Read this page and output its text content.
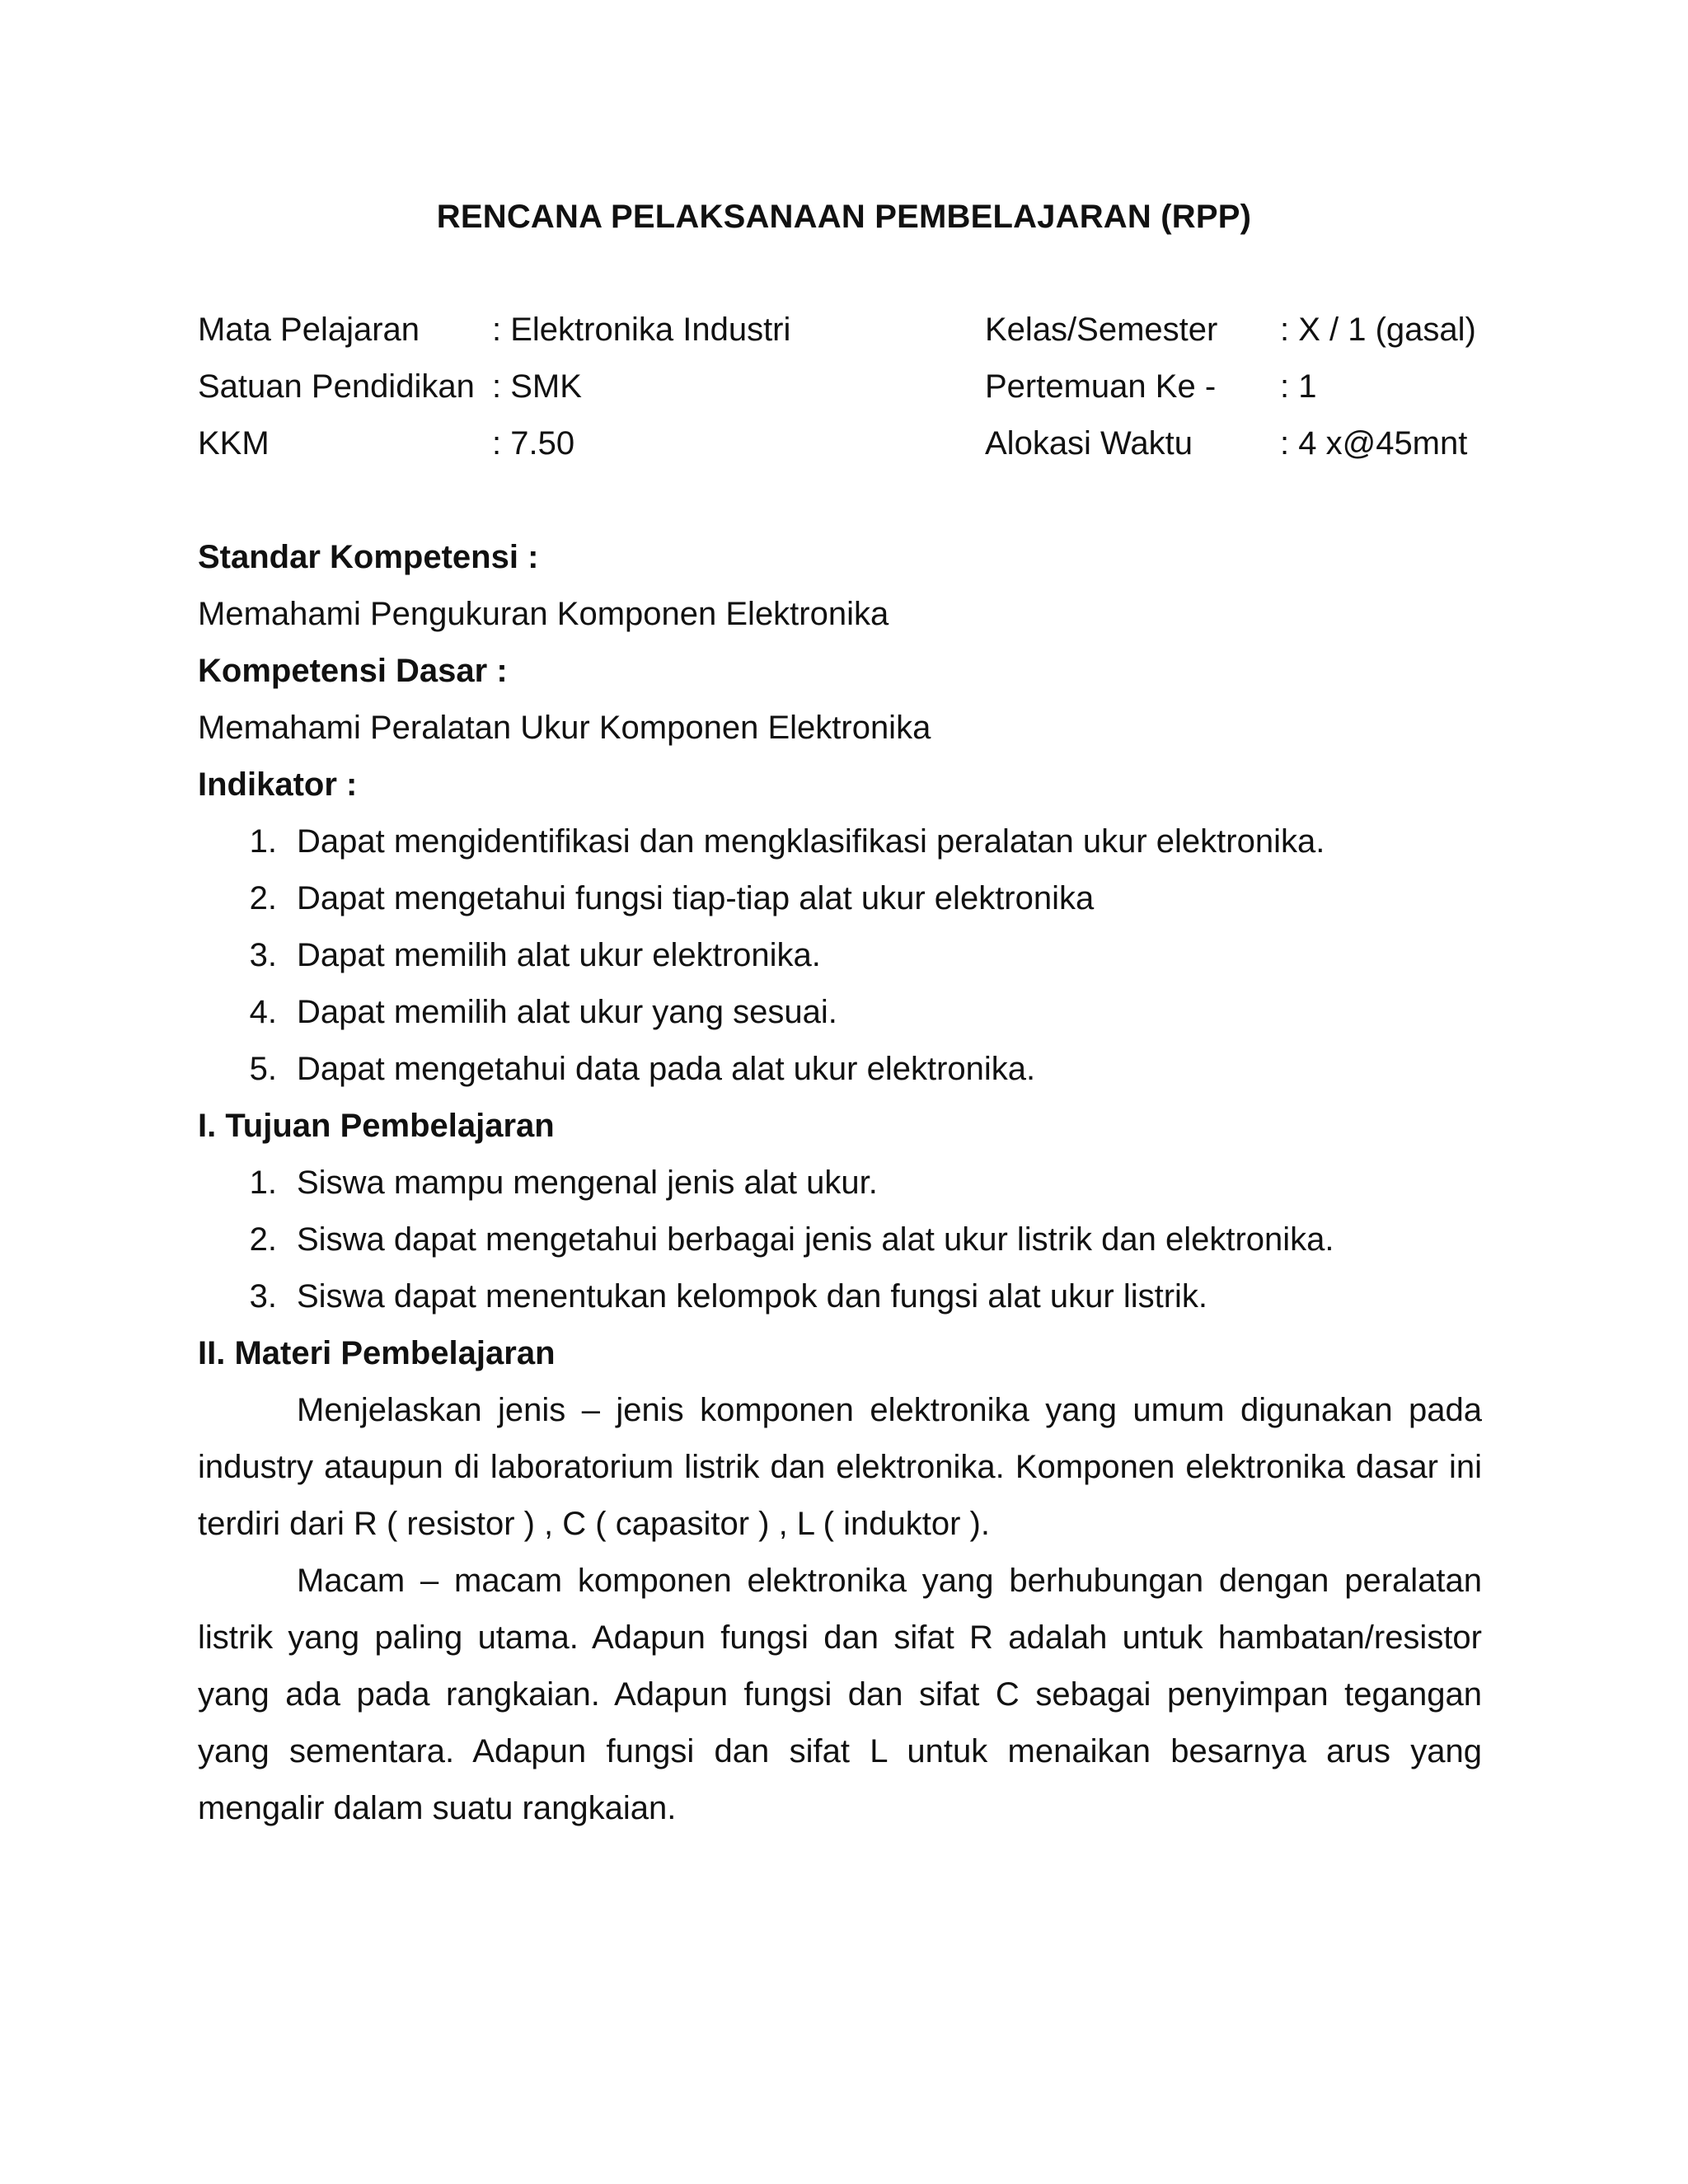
RENCANA PELAKSANAAN PEMBELAJARAN (RPP)
Mata Pelajaran : Elektronika Industri
Satuan Pendidikan : SMK
KKM	: 7.50
Kelas/Semester : X / 1 (gasal)
Pertemuan Ke - : 1
Alokasi Waktu	: 4 x@45mnt
Standar Kompetensi :
Memahami Pengukuran Komponen Elektronika
Kompetensi Dasar :
Memahami Peralatan Ukur Komponen Elektronika
Indikator :
1. Dapat mengidentifikasi dan mengklasifikasi peralatan ukur elektronika.
2. Dapat mengetahui fungsi tiap-tiap alat ukur elektronika
3. Dapat memilih alat ukur elektronika.
4. Dapat memilih alat ukur yang sesuai.
5. Dapat mengetahui data pada alat ukur elektronika.
I. Tujuan Pembelajaran
1. Siswa mampu mengenal jenis alat ukur.
2. Siswa dapat mengetahui berbagai jenis alat ukur listrik dan elektronika.
3. Siswa dapat menentukan kelompok dan fungsi alat ukur listrik.
II. Materi Pembelajaran

Menjelaskan jenis – jenis komponen elektronika yang umum digunakan pada industry ataupun di laboratorium listrik dan elektronika. Komponen elektronika dasar ini terdiri dari R ( resistor ) , C ( capasitor ) , L ( induktor ).

Macam – macam komponen elektronika yang berhubungan dengan peralatan listrik yang paling utama. Adapun fungsi dan sifat R adalah untuk hambatan/resistor yang ada pada rangkaian. Adapun fungsi dan sifat C sebagai penyimpan tegangan yang sementara. Adapun fungsi dan sifat L untuk menaikan besarnya arus yang mengalir dalam suatu rangkaian.
